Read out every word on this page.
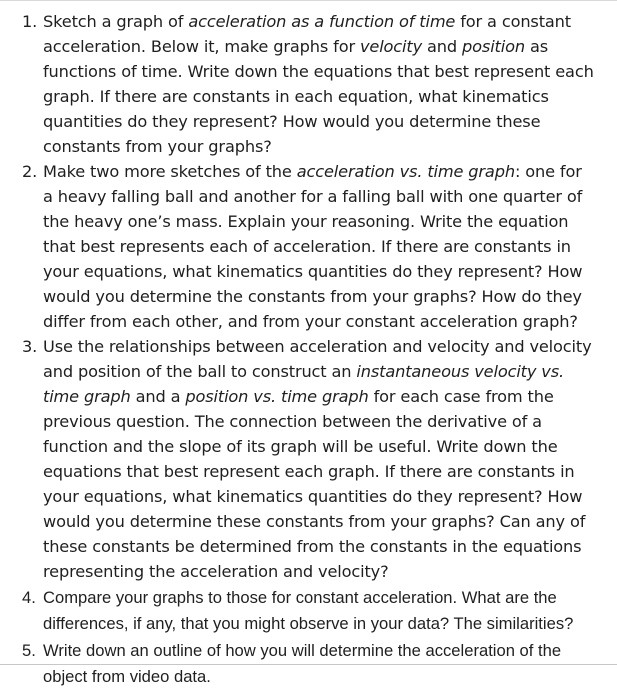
1. Sketch a graph of acceleration as a function of time for a constant acceleration. Below it, make graphs for velocity and position as functions of time. Write down the equations that best represent each graph. If there are constants in each equation, what kinematics quantities do they represent? How would you determine these constants from your graphs?
2. Make two more sketches of the acceleration vs. time graph: one for a heavy falling ball and another for a falling ball with one quarter of the heavy one’s mass. Explain your reasoning. Write the equation that best represents each of acceleration. If there are constants in your equations, what kinematics quantities do they represent? How would you determine the constants from your graphs? How do they differ from each other, and from your constant acceleration graph?
3. Use the relationships between acceleration and velocity and velocity and position of the ball to construct an instantaneous velocity vs. time graph and a position vs. time graph for each case from the previous question. The connection between the derivative of a function and the slope of its graph will be useful. Write down the equations that best represent each graph. If there are constants in your equations, what kinematics quantities do they represent? How would you determine these constants from your graphs? Can any of these constants be determined from the constants in the equations representing the acceleration and velocity?
4. Compare your graphs to those for constant acceleration. What are the differences, if any, that you might observe in your data? The similarities?
5. Write down an outline of how you will determine the acceleration of the object from video data.
